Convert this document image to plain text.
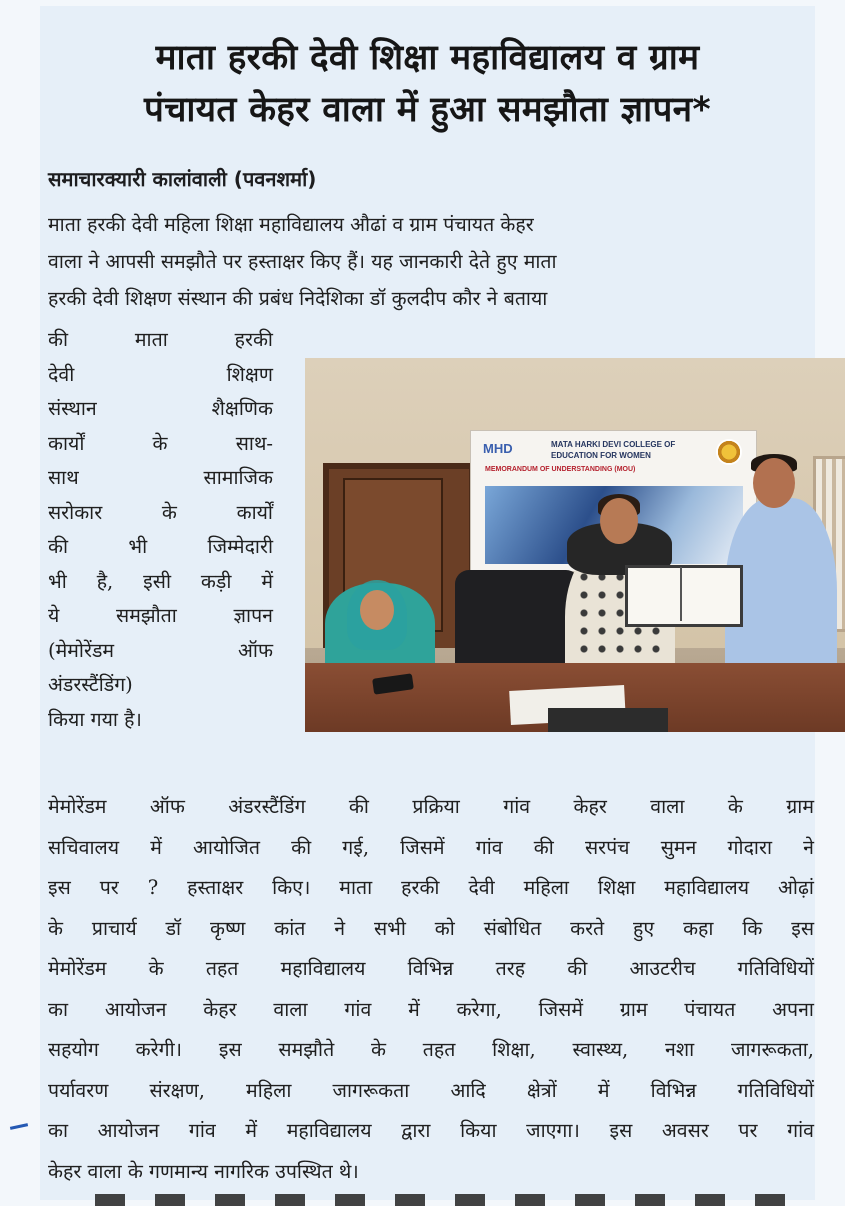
माता हरकी देवी शिक्षा महाविद्यालय व ग्राम
पंचायत केहर वाला में हुआ समझौता ज्ञापन*
समाचारक्यारी कालांवाली (पवनशर्मा)
माता हरकी देवी महिला शिक्षा महाविद्यालय औढां व ग्राम पंचायत केहर
वाला ने आपसी समझौते पर हस्ताक्षर किए हैं। यह जानकारी देते हुए माता
हरकी देवी शिक्षण संस्थान की प्रबंध निदेशिका डॉ कुलदीप कौर ने बताया
की माता हरकी
देवी शिक्षण
संस्थान शैक्षणिक
कार्यों के साथ-
साथ सामाजिक
सरोकार के कार्यों
की भी जिम्मेदारी
भी है, इसी कड़ी में
ये समझौता ज्ञापन
(मेमोरेंडम ऑफ
अंडरस्टैंडिंग)
किया गया है।
MHD	MATA HARKI DEVI COLLEGE OF EDUCATION FOR WOMEN
MEMORANDUM OF UNDERSTANDING (MOU)
मेमोरेंडम ऑफ अंडरस्टैंडिंग की प्रक्रिया गांव केहर वाला के ग्राम
सचिवालय में आयोजित की गई, जिसमें गांव की सरपंच सुमन गोदारा ने
इस पर ? हस्ताक्षर किए। माता हरकी देवी महिला शिक्षा महाविद्यालय ओढ़ां
के प्राचार्य डॉ कृष्ण कांत ने सभी को संबोधित करते हुए कहा कि इस
मेमोरेंडम के तहत महाविद्यालय विभिन्न तरह की आउटरीच गतिविधियों
का आयोजन केहर वाला गांव में करेगा, जिसमें ग्राम पंचायत अपना
सहयोग करेगी। इस समझौते के तहत शिक्षा, स्वास्थ्य, नशा जागरूकता,
पर्यावरण संरक्षण, महिला जागरूकता आदि क्षेत्रों में विभिन्न गतिविधियों
का आयोजन गांव में महाविद्यालय द्वारा किया जाएगा। इस अवसर पर गांव
केहर वाला के गणमान्य नागरिक उपस्थित थे।
